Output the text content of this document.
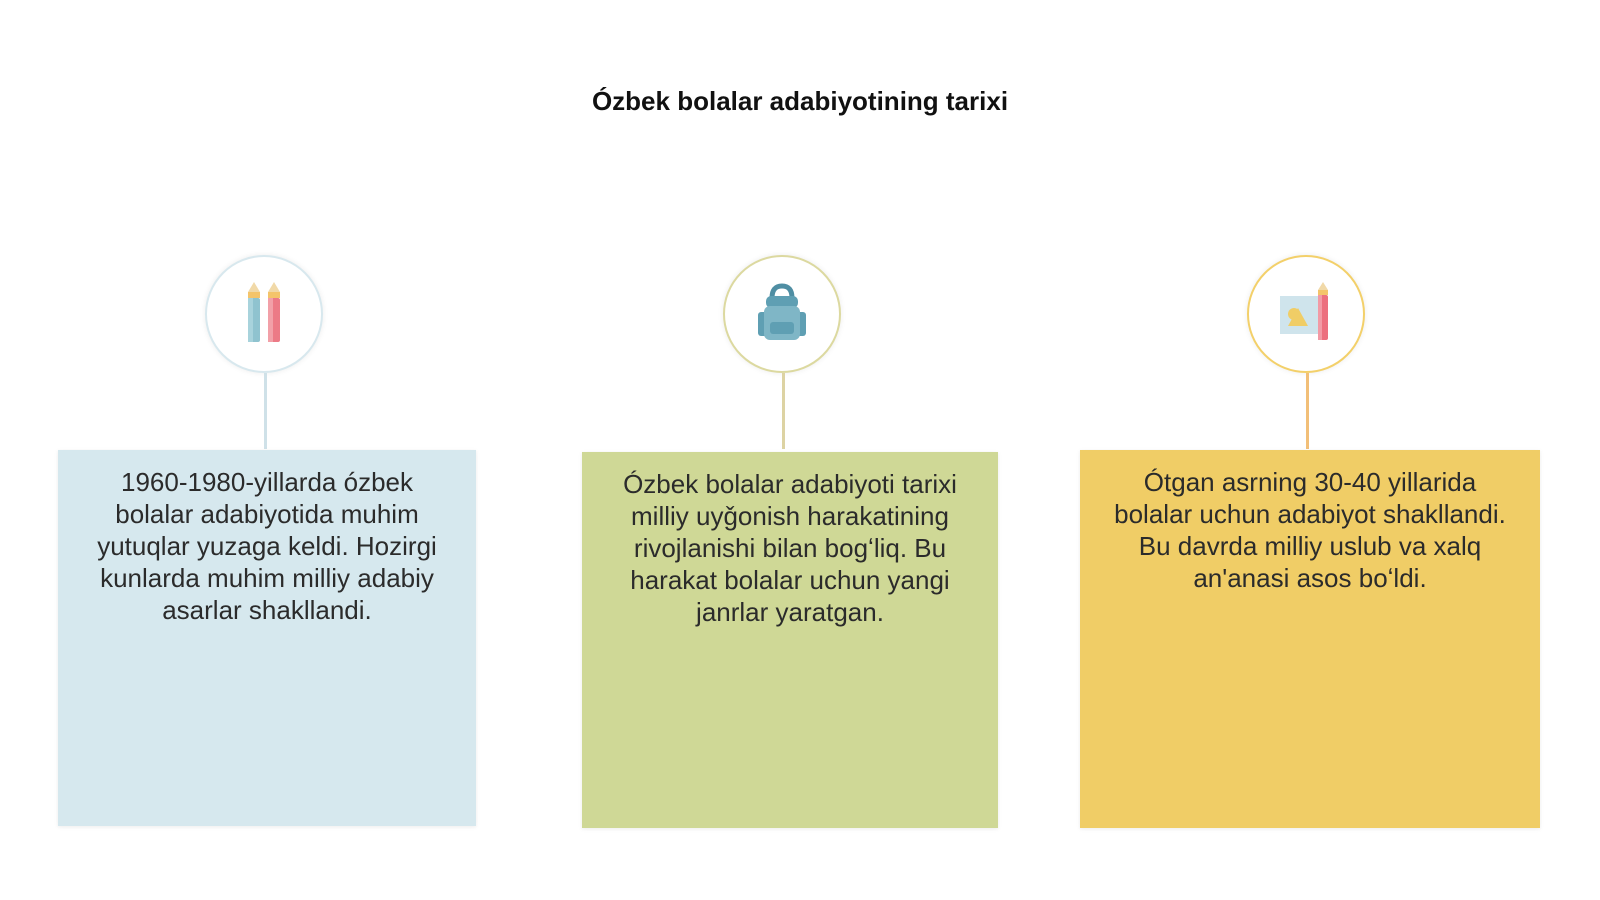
Ózbek bolalar adabiyotining tarixi

1960-1980-yillarda ózbek bolalar adabiyotida muhim yutuqlar yuzaga keldi. Hozirgi kunlarda muhim milliy adabiy asarlar shakllandi.

Ózbek bolalar adabiyoti tarixi milliy uyǧonish harakatining rivojlanishi bilan bogʻliq. Bu harakat bolalar uchun yangi janrlar yaratgan.

Ótgan asrning 30-40 yillarida bolalar uchun adabiyot shakllandi. Bu davrda milliy uslub va xalq an'anasi asos boʻldi.
